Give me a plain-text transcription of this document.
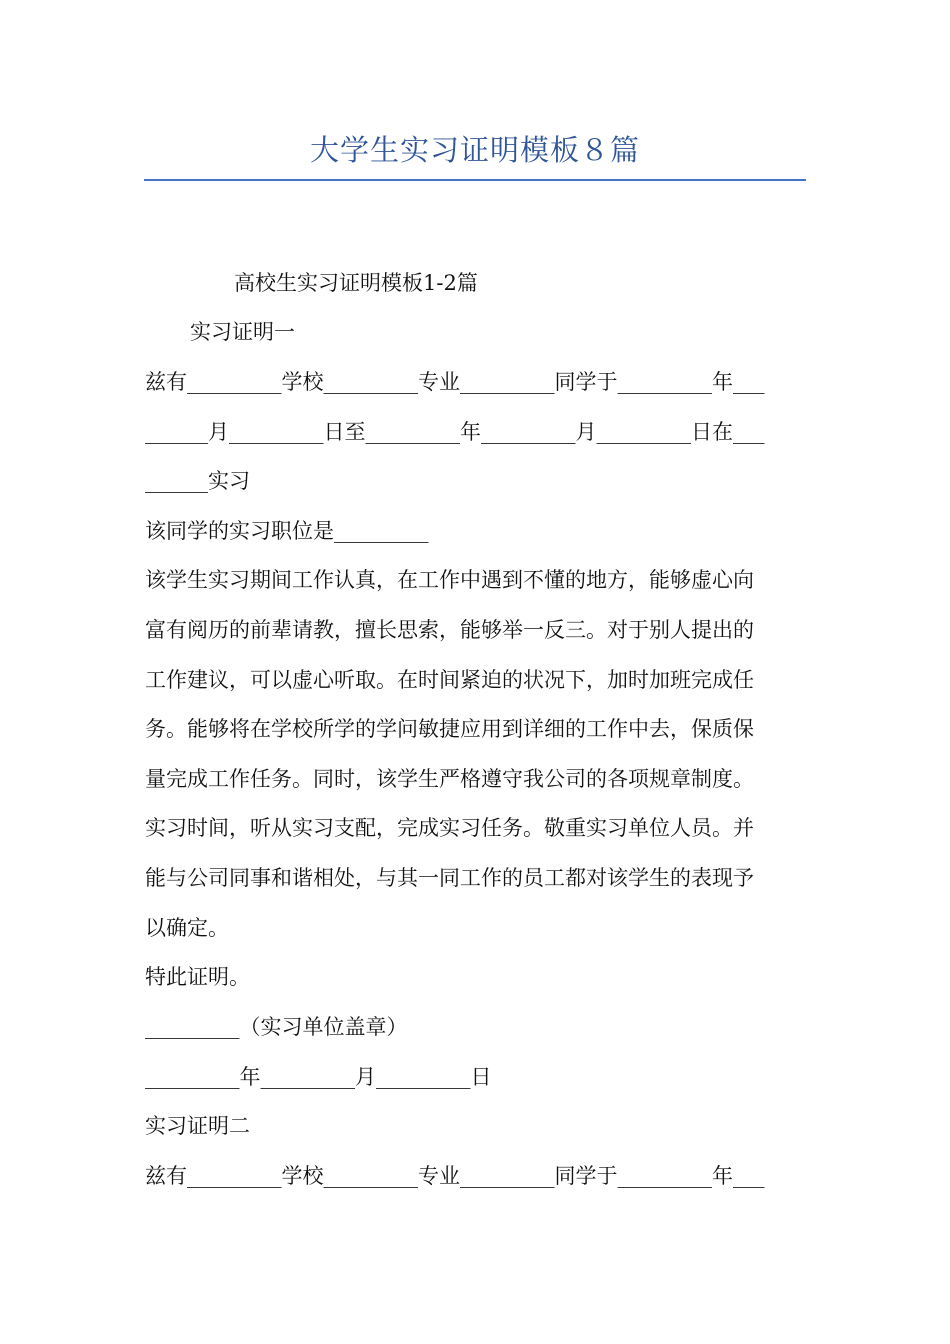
大学生实习证明模板８篇
高校生实习证明模板1-2篇
实习证明一
兹有_________学校_________专业_________同学于_________年___
______月_________日至_________年_________月_________日在___
______实习
该同学的实习职位是_________
该学生实习期间工作认真，在工作中遇到不懂的地方，能够虚心向
富有阅历的前辈请教，擅长思索，能够举一反三。对于别人提出的
工作建议，可以虚心听取。在时间紧迫的状况下，加时加班完成任
务。能够将在学校所学的学问敏捷应用到详细的工作中去，保质保
量完成工作任务。同时，该学生严格遵守我公司的各项规章制度。
实习时间，听从实习支配，完成实习任务。敬重实习单位人员。并
能与公司同事和谐相处，与其一同工作的员工都对该学生的表现予
以确定。
特此证明。
_________（实习单位盖章）
_________年_________月_________日
实习证明二
兹有_________学校_________专业_________同学于_________年___
